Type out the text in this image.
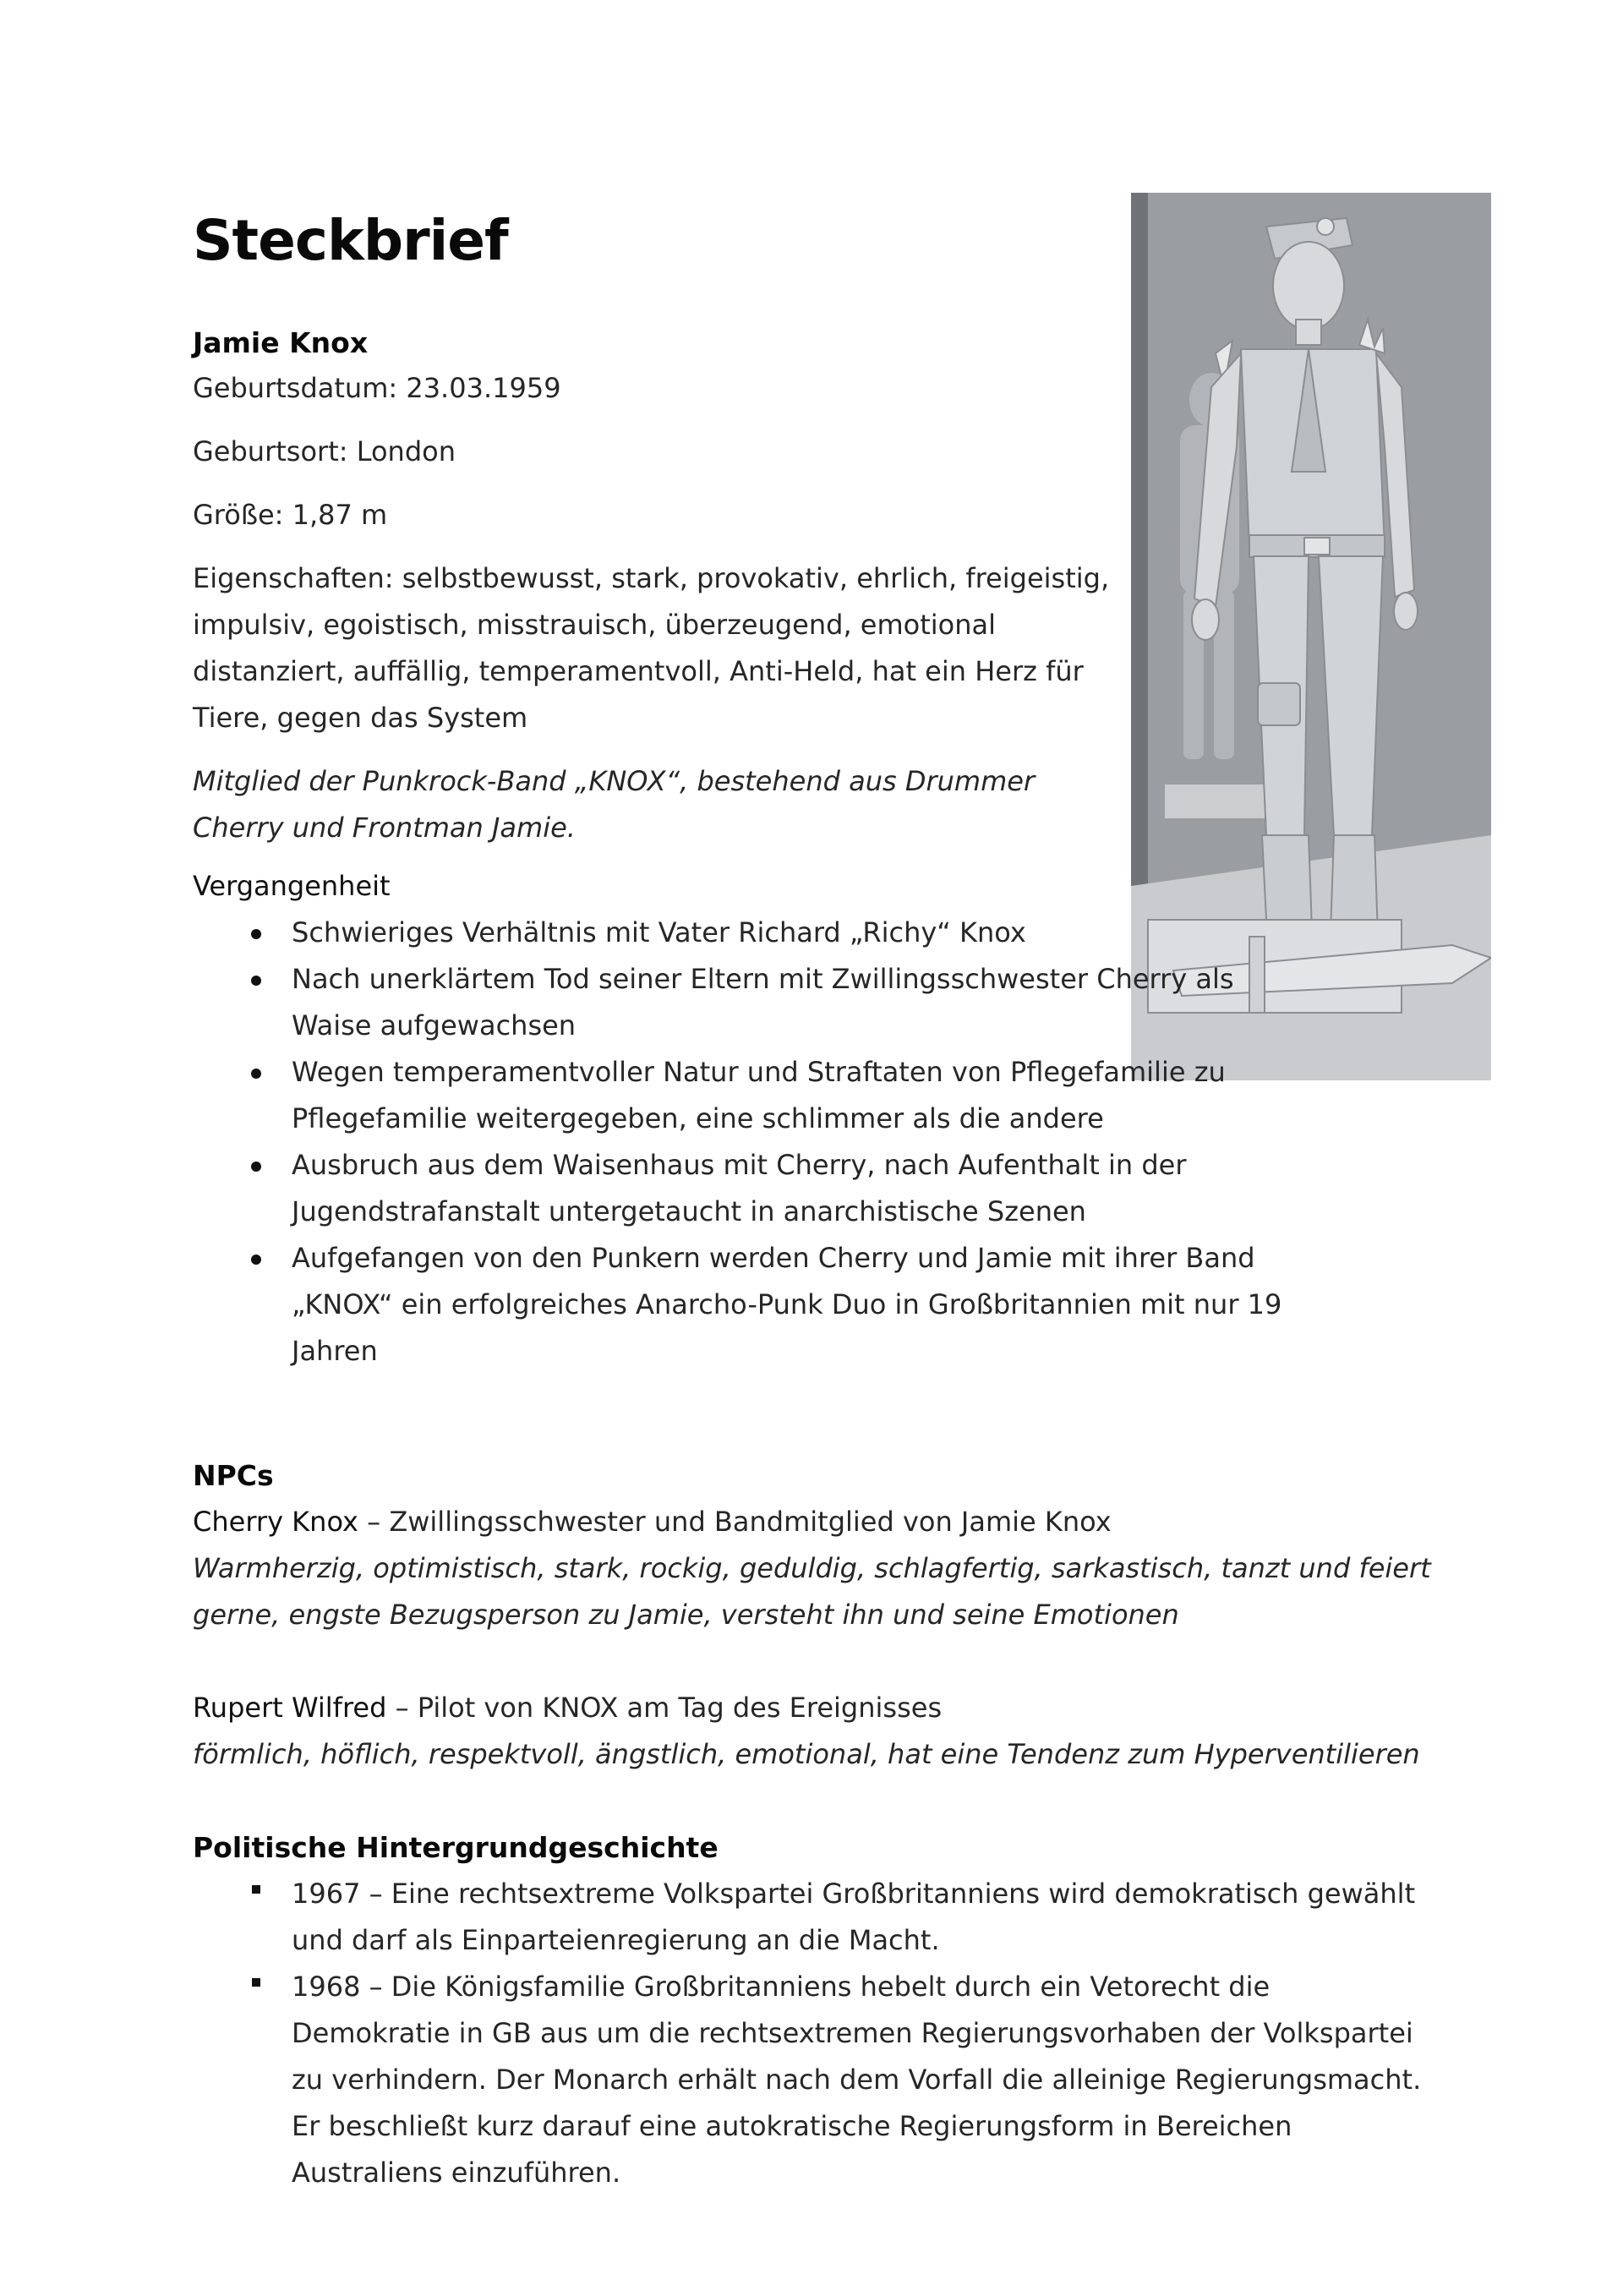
Steckbrief

Jamie Knox

Geburtsdatum: 23.03.1959

Geburtsort: London

Größe: 1,87 m

Eigenschaften: selbstbewusst, stark, provokativ, ehrlich, freigeistig, impulsiv, egoistisch, misstrauisch, überzeugend, emotional distanziert, auffällig, temperamentvoll, Anti-Held, hat ein Herz für Tiere, gegen das System

Mitglied der Punkrock-Band „KNOX“, bestehend aus Drummer Cherry und Frontman Jamie.

Vergangenheit

Schwieriges Verhältnis mit Vater Richard „Richy“ Knox
Nach unerklärtem Tod seiner Eltern mit Zwillingsschwester Cherry als Waise aufgewachsen
Wegen temperamentvoller Natur und Straftaten von Pflegefamilie zu Pflegefamilie weitergegeben, eine schlimmer als die andere
Ausbruch aus dem Waisenhaus mit Cherry, nach Aufenthalt in der Jugendstrafanstalt untergetaucht in anarchistische Szenen
Aufgefangen von den Punkern werden Cherry und Jamie mit ihrer Band „KNOX“ ein erfolgreiches Anarcho-Punk Duo in Großbritannien mit nur 19 Jahren

NPCs

Cherry Knox – Zwillingsschwester und Bandmitglied von Jamie Knox

Warmherzig, optimistisch, stark, rockig, geduldig, schlagfertig, sarkastisch, tanzt und feiert gerne, engste Bezugsperson zu Jamie, versteht ihn und seine Emotionen

Rupert Wilfred – Pilot von KNOX am Tag des Ereignisses

förmlich, höflich, respektvoll, ängstlich, emotional, hat eine Tendenz zum Hyperventilieren

Politische Hintergrundgeschichte

1967 – Eine rechtsextreme Volkspartei Großbritanniens wird demokratisch gewählt und darf als Einparteienregierung an die Macht.
1968 – Die Königsfamilie Großbritanniens hebelt durch ein Vetorecht die Demokratie in GB aus um die rechtsextremen Regierungsvorhaben der Volkspartei zu verhindern. Der Monarch erhält nach dem Vorfall die alleinige Regierungsmacht. Er beschließt kurz darauf eine autokratische Regierungsform in Bereichen Australiens einzuführen.
